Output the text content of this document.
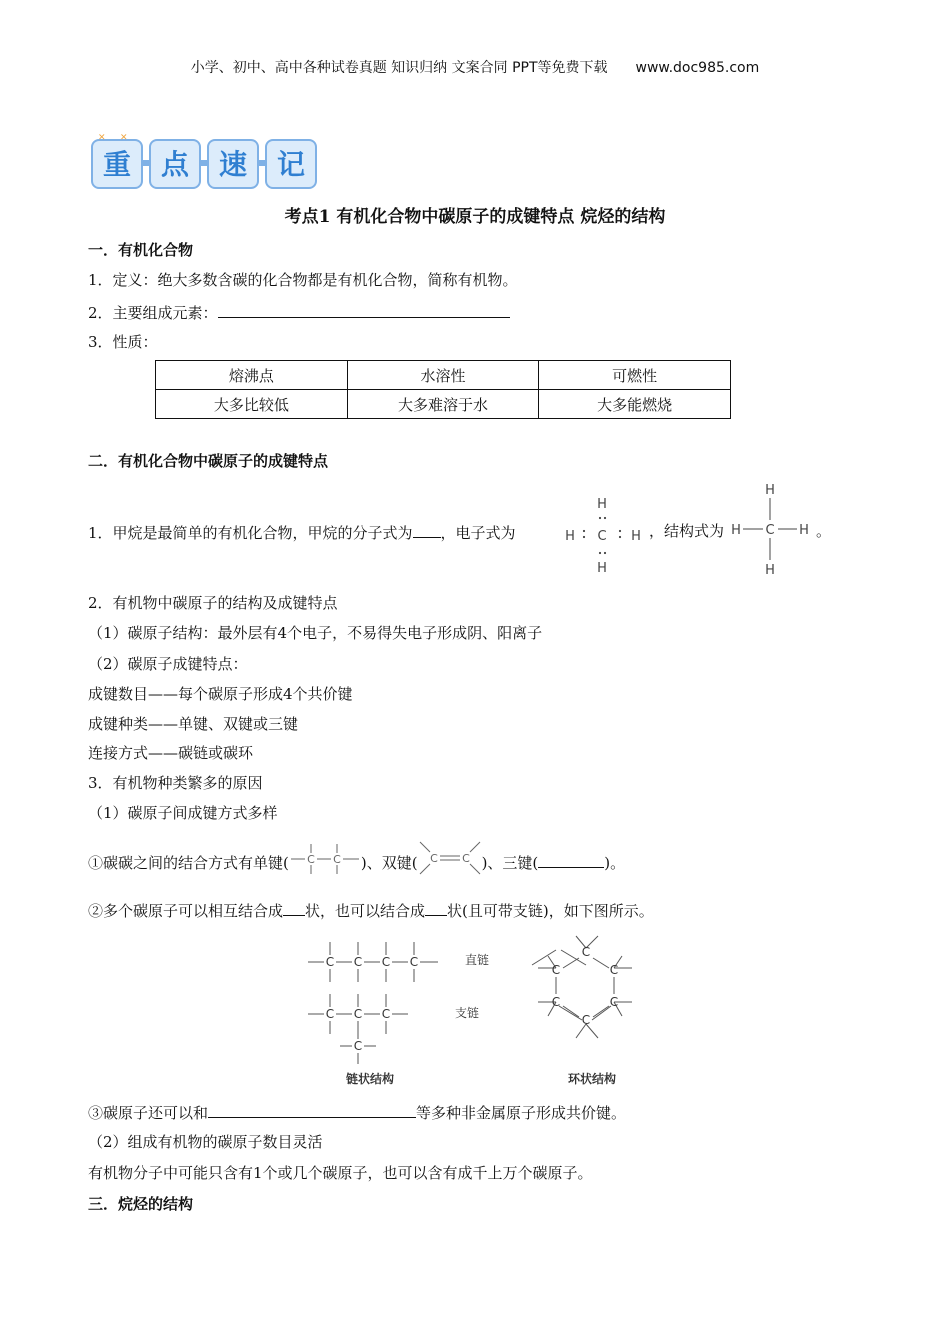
小学、初中、高中各种试卷真题 知识归纳 文案合同 PPT等免费下载 www.doc985.com
重 点 速 记
✕ ✕
考点1 有机化合物中碳原子的成键特点 烷烃的结构
一．有机化合物
1．定义：绝大多数含碳的化合物都是有机化合物，简称有机物。
2．主要组成元素：
3．性质：
熔沸点	水溶性	可燃性
大多比较低	大多难溶于水	大多能燃烧
二．有机化合物中碳原子的成键特点
1．甲烷是最简单的有机化合物，甲烷的分子式为 ，电子式为
H
C
H	H
H
，结构式为
H
C
H	H
H
。
2．有机物中碳原子的结构及成键特点
（1）碳原子结构：最外层有4个电子，不易得失电子形成阴、阳离子
（2）碳原子成键特点：
成键数目——每个碳原子形成4个共价键
成键种类——单键、双键或三键
连接方式——碳链或碳环
3．有机物种类繁多的原因
（1）碳原子间成键方式多样
①碳碳之间的结合方式有单键( C C )、双键( C C )、三键(	)。
②多个碳原子可以相互结合成 状，也可以结合成 状(且可带支链)，如下图所示。
C C C C
C C C
C
直链
支链
链状结构
C
C	C
C	C
C
环状结构
③碳原子还可以和	等多种非金属原子形成共价键。
（2）组成有机物的碳原子数目灵活
有机物分子中可能只含有1个或几个碳原子，也可以含有成千上万个碳原子。
三．烷烃的结构
